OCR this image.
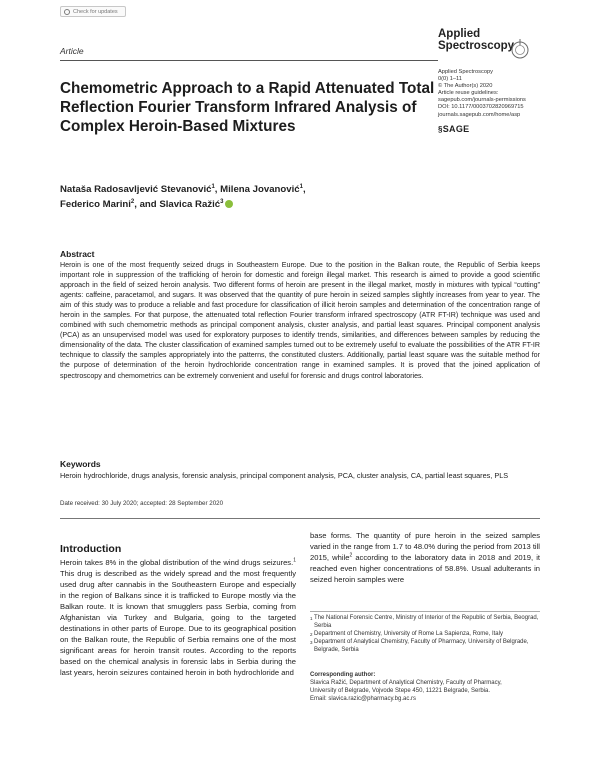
Check for updates
Article
Applied
Spectroscopy
Applied Spectroscopy
0(0) 1–11
© The Author(s) 2020
Article reuse guidelines:
sagepub.com/journals-permissions
DOI: 10.1177/0003702820969715
journals.sagepub.com/home/asp
§SAGE
Chemometric Approach to a Rapid Attenuated Total Reflection Fourier Transform Infrared Analysis of Complex Heroin-Based Mixtures
Nataša Radosavljević Stevanović$^1$, Milena Jovanović$^1$,
Federico Marini$^2$, and Slavica Ražić$^3$
Abstract
Heroin is one of the most frequently seized drugs in Southeastern Europe. Due to the position in the Balkan route, the Republic of Serbia keeps important role in suppression of the trafficking of heroin for domestic and foreign illegal market. This research is aimed to provide a good scientific approach in the field of seized heroin analysis. Two different forms of heroin are present in the illegal market, mostly in mixtures with typical “cutting” agents: caffeine, paracetamol, and sugars. It was observed that the quantity of pure heroin in seized samples slightly increases from year to year. The aim of this study was to produce a reliable and fast procedure for classification of illicit heroin samples and determination of the concentration range of heroin in the samples. For that purpose, the attenuated total reflection Fourier transform infrared spectroscopy (ATR FT-IR) technique was used and combined with such chemometric methods as principal component analysis, cluster analysis, and partial least squares. Principal component analysis (PCA) as an unsupervised model was used for exploratory purposes to identify trends, similarities, and differences between samples by reducing the dimensionality of the data. The cluster classification of examined samples turned out to be extremely useful to evaluate the possibilities of the ATR FT-IR technique to classify the samples appropriately into the patterns, the constituted clusters. Additionally, partial least square was the suitable method for the purpose of determination of the heroin hydrochloride concentration range in examined samples. It is proved that the joined application of spectroscopy and chemometrics can be extremely convenient and useful for forensic and drugs control laboratories.
Keywords
Heroin hydrochloride, drugs analysis, forensic analysis, principal component analysis, PCA, cluster analysis, CA, partial least squares, PLS
Date received: 30 July 2020; accepted: 28 September 2020
Introduction

Heroin takes 8% in the global distribution of the wind drugs seizures.$^1$ This drug is described as the widely spread and the most frequently used drug after cannabis in the Southeastern Europe and especially in the region of Balkans since it is trafficked to Europe mostly via the Balkan route. It is known that smugglers pass Serbia, coming from Afghanistan via Turkey and Bulgaria, going to the targeted destinations in other parts of Europe. Due to its geographical position on the Balkan route, the Republic of Serbia remains one of the most significant areas for heroin transit routes. According to the reports based on the chemical analysis in forensic labs in Serbia during the last years, heroin seizures contained heroin in both hydrochloride and

base forms. The quantity of pure heroin in the seized samples varied in the range from 1.7 to 48.0% during the period from 2013 till 2015, while$^2$ according to the laboratory data in 2018 and 2019, it reached even higher concentrations of 58.8%. Usual adulterants in seized heroin samples were

1 The National Forensic Centre, Ministry of Interior of the Republic of Serbia, Beograd, Serbia
2 Department of Chemistry, University of Rome La Sapienza, Rome, Italy
3 Department of Analytical Chemistry, Faculty of Pharmacy, University of Belgrade, Belgrade, Serbia
Corresponding author:
Slavica Ražić, Department of Analytical Chemistry, Faculty of Pharmacy,
University of Belgrade, Vojvode Stepe 450, 11221 Belgrade, Serbia.
Email: slavica.razic@pharmacy.bg.ac.rs
